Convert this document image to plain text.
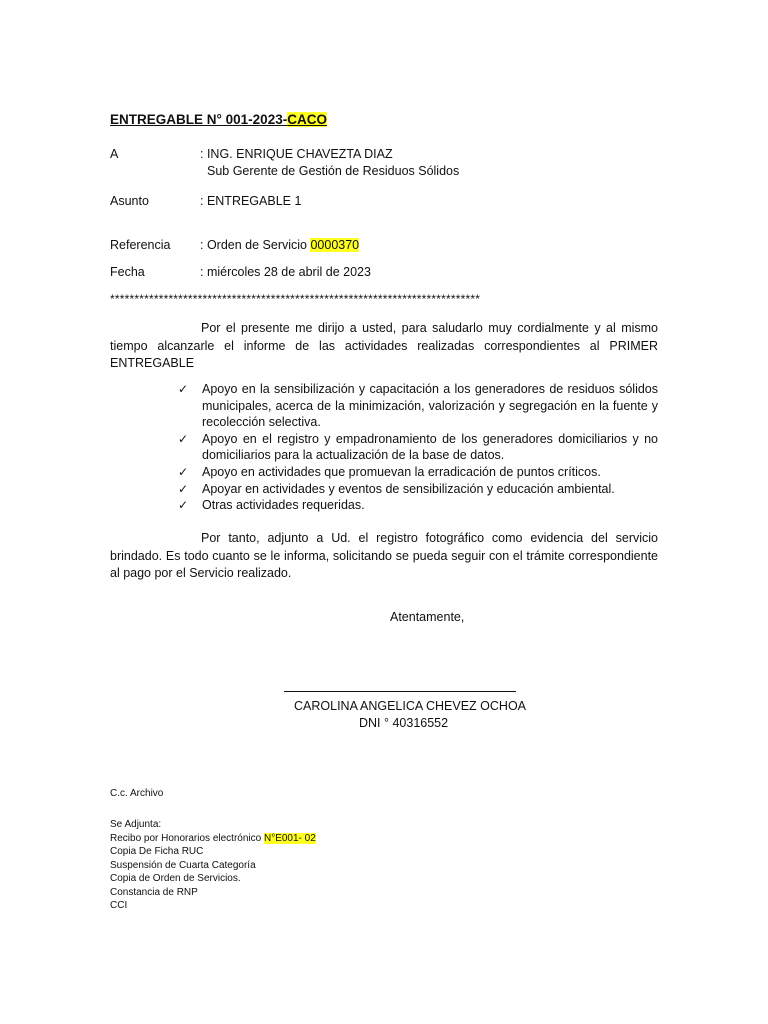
ENTREGABLE N° 001-2023-CACO
A	: ING. ENRIQUE CHAVEZTA DIAZ
Sub Gerente de Gestión de Residuos Sólidos
Asunto	: ENTREGABLE 1
Referencia : Orden de Servicio 0000370
Fecha	: miércoles 28 de abril de 2023
****************************************************************************
Por el presente me dirijo a usted, para saludarlo muy cordialmente y al mismo tiempo alcanzarle el informe de las actividades realizadas correspondientes al PRIMER ENTREGABLE
✓	Apoyo en la sensibilización y capacitación a los generadores de residuos sólidos municipales, acerca de la minimización, valorización y segregación en la fuente y recolección selectiva.
✓	Apoyo en el registro y empadronamiento de los generadores domiciliarios y no domiciliarios para la actualización de la base de datos.
✓	Apoyo en actividades que promuevan la erradicación de puntos críticos.
✓	Apoyar en actividades y eventos de sensibilización y educación ambiental.
✓	Otras actividades requeridas.
Por tanto, adjunto a Ud. el registro fotográfico como evidencia del servicio brindado. Es todo cuanto se le informa, solicitando se pueda seguir con el trámite correspondiente al pago por el Servicio realizado.
Atentamente,
CAROLINA ANGELICA CHEVEZ OCHOA
DNI ° 40316552
C.c. Archivo
Se Adjunta:
Recibo por Honorarios electrónico N°E001- 02
Copia De Ficha RUC
Suspensión de Cuarta Categoría
Copia de Orden de Servicios.
Constancia de RNP
CCI
